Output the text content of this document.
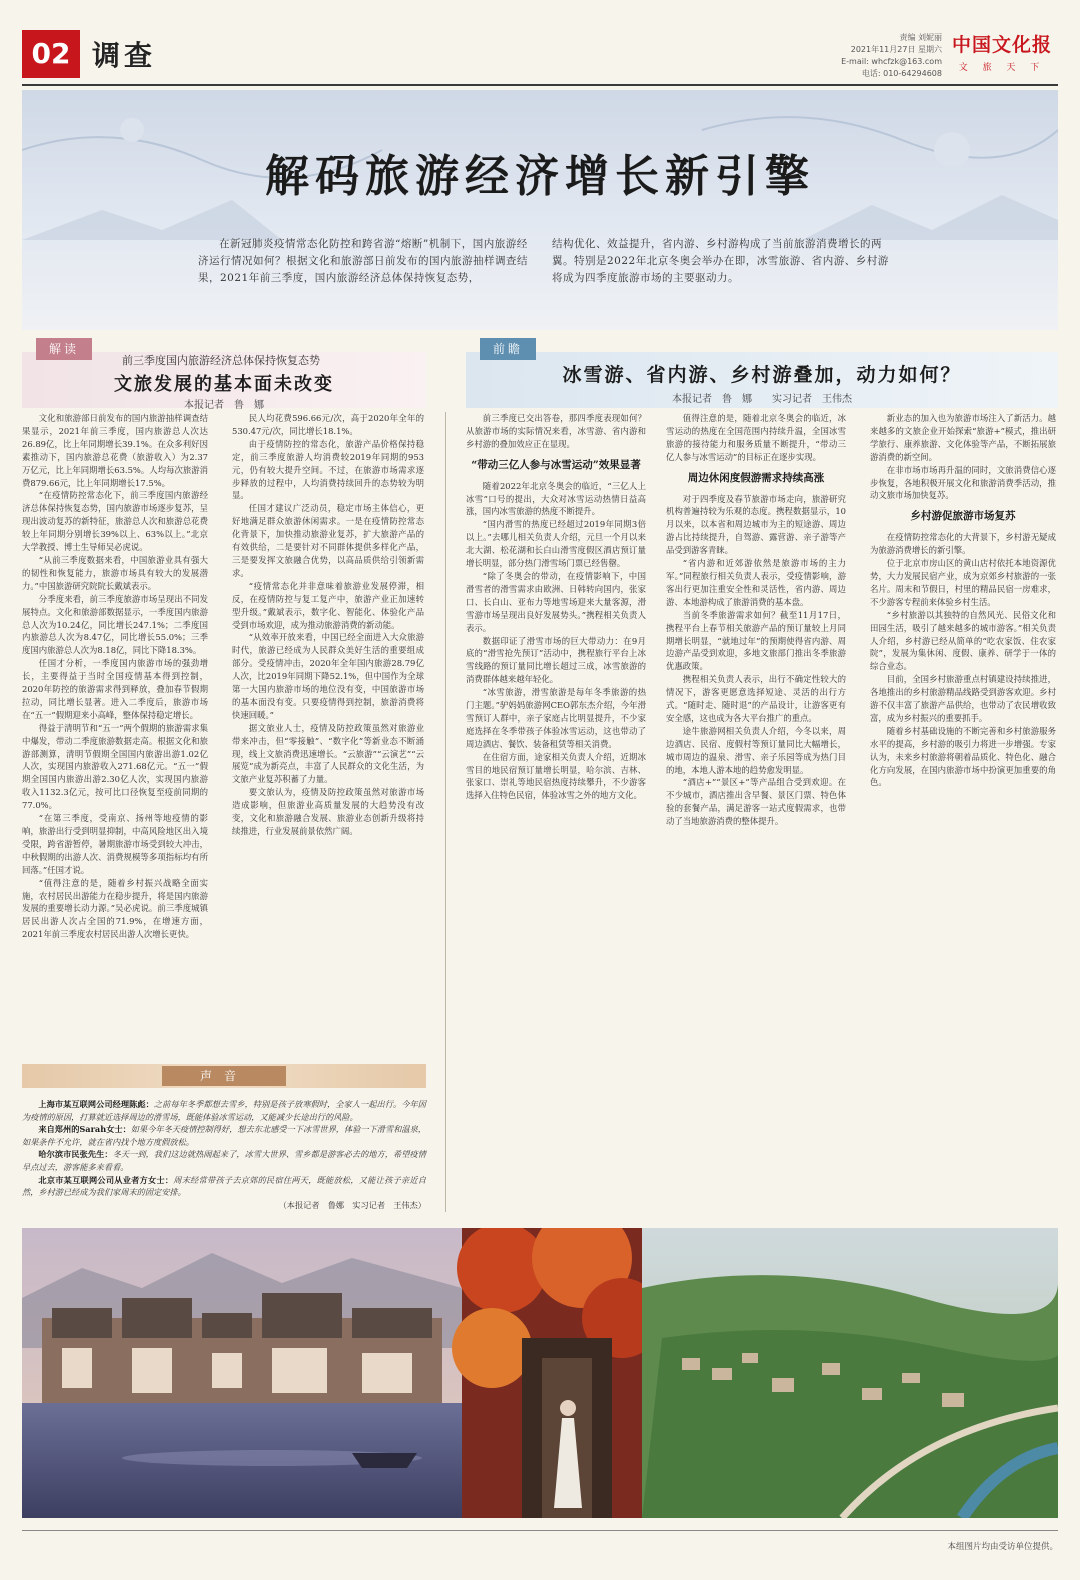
02 调查
责编 刘妮丽
2021年11月27日 星期六
E-mail: whcfzk@163.com
电话: 010-64294608
中国文化报
文 旅 天 下
解码旅游经济增长新引擎
在新冠肺炎疫情常态化防控和跨省游“熔断”机制下，国内旅游经济运行情况如何？根据文化和旅游部日前发布的国内旅游抽样调查结果，2021年前三季度，国内旅游经济总体保持恢复态势，
结构优化、效益提升，省内游、乡村游构成了当前旅游消费增长的两翼。特别是2022年北京冬奥会举办在即，冰雪旅游、省内游、乡村游将成为四季度旅游市场的主要驱动力。
解读
前三季度国内旅游经济总体保持恢复态势
文旅发展的基本面未改变
本报记者　鲁　娜
前瞻
冰雪游、省内游、乡村游叠加，动力如何？
本报记者　鲁　娜　　实习记者　王伟杰

文化和旅游部日前发布的国内旅游抽样调查结果显示，2021年前三季度，国内旅游总人次达26.89亿，比上年同期增长39.1%。在众多利好因素推动下，国内旅游总花费（旅游收入）为2.37万亿元，比上年同期增长63.5%。人均每次旅游消费879.66元，比上年同期增长17.5%。

“在疫情防控常态化下，前三季度国内旅游经济总体保持恢复态势，国内旅游市场逐步复苏，呈现出波动复苏的新特征，旅游总人次和旅游总花费较上年同期分别增长39%以上、63%以上。”北京大学教授、博士生导师吴必虎说。

“从前三季度数据来看，中国旅游业具有强大的韧性和恢复能力，旅游市场具有较大的发展潜力。”中国旅游研究院院长戴斌表示。

分季度来看，前三季度旅游市场呈现出不同发展特点。文化和旅游部数据显示，一季度国内旅游总人次为10.24亿，同比增长247.1%；二季度国内旅游总人次为8.47亿，同比增长55.0%；三季度国内旅游总人次为8.18亿，同比下降18.3%。

任国才分析，一季度国内旅游市场的强劲增长，主要得益于当时全国疫情基本得到控制，2020年防控的旅游需求得到释放，叠加春节假期拉动，同比增长显著。进入二季度后，旅游市场在“五一”假期迎来小高峰，整体保持稳定增长。

得益于清明节和“五一”两个假期的旅游需求集中爆发，带动二季度旅游数据走高。根据文化和旅游部测算，清明节假期全国国内旅游出游1.02亿人次，实现国内旅游收入271.68亿元。“五一”假期全国国内旅游出游2.30亿人次，实现国内旅游收入1132.3亿元，按可比口径恢复至疫前同期的77.0%。

“在第三季度，受南京、扬州等地疫情的影响，旅游出行受到明显抑制，中高风险地区出入境受限，跨省游暂停，暑期旅游市场受到较大冲击，中秋假期的出游人次、消费规模等多项指标均有所回落。”任国才说。

“值得注意的是，随着乡村振兴战略全面实施，农村居民出游能力在稳步提升，将是国内旅游发展的重要增长动力源。”吴必虎说。前三季度城镇居民出游人次占全国的71.9%，在增速方面，2021年前三季度农村居民出游人次增长更快。

民人均花费596.66元/次，高于2020年全年的530.47元/次，同比增长18.1%。

由于疫情防控的常态化，旅游产品价格保持稳定，前三季度旅游人均消费较2019年同期的953元，仍有较大提升空间。不过，在旅游市场需求逐步释放的过程中，人均消费持续回升的态势较为明显。

任国才建议广泛动员，稳定市场主体信心，更好地满足群众旅游休闲需求。一是在疫情防控常态化背景下，加快推动旅游业复苏，扩大旅游产品的有效供给，二是要针对不同群体提供多样化产品，三是要发挥文旅融合优势，以高品质供给引领新需求。

“疫情常态化并非意味着旅游业发展停滞，相反，在疫情防控与复工复产中，旅游产业正加速转型升级。”戴斌表示，数字化、智能化、体验化产品受到市场欢迎，成为推动旅游消费的新动能。

“从效率开放来看，中国已经全面进入大众旅游时代，旅游已经成为人民群众美好生活的重要组成部分。受疫情冲击，2020年全年国内旅游28.79亿人次，比2019年同期下降52.1%，但中国作为全球第一大国内旅游市场的地位没有变，中国旅游市场的基本面没有变。只要疫情得到控制，旅游消费将快速回暖。”

据文旅业人士，疫情及防控政策虽然对旅游业带来冲击，但“零接触”、“数字化”等新业态不断涌现，线上文旅消费迅速增长。“云旅游”“云演艺”“云展览”成为新亮点，丰富了人民群众的文化生活，为文旅产业复苏积蓄了力量。

要文旅认为，疫情及防控政策虽然对旅游市场造成影响，但旅游业高质量发展的大趋势没有改变，文化和旅游融合发展、旅游业态创新升级将持续推进，行业发展前景依然广阔。

前三季度已交出答卷，那四季度表现如何？从旅游市场的实际情况来看，冰雪游、省内游和乡村游的叠加效应正在显现。

“带动三亿人参与冰雪运动”效果显著

随着2022年北京冬奥会的临近，“三亿人上冰雪”口号的提出，大众对冰雪运动热情日益高涨，国内冰雪旅游的热度不断提升。

“国内滑雪的热度已经超过2019年同期3倍以上。”去哪儿相关负责人介绍，元旦一个月以来北大湖、松花湖和长白山滑雪度假区酒店预订量增长明显，部分热门滑雪场门票已经售罄。

“除了冬奥会的带动，在疫情影响下，中国滑雪者的滑雪需求由欧洲、日韩转向国内，张家口、长白山、亚布力等地雪场迎来大量客源，滑雪游市场呈现出良好发展势头。”携程相关负责人表示。

数据印证了滑雪市场的巨大带动力：在9月底的“滑雪抢先预订”活动中，携程旅行平台上冰雪线路的预订量同比增长超过三成，冰雪旅游的消费群体越来越年轻化。

“冰雪旅游，滑雪旅游是每年冬季旅游的热门主题。”驴妈妈旅游网CEO郭东杰介绍，今年滑雪预订人群中，亲子家庭占比明显提升，不少家庭选择在冬季带孩子体验冰雪运动，这也带动了周边酒店、餐饮、装备租赁等相关消费。

在住宿方面，途家相关负责人介绍，近期冰雪目的地民宿预订量增长明显，哈尔滨、吉林、张家口、崇礼等地民宿热度持续攀升，不少游客选择入住特色民宿，体验冰雪之外的地方文化。

值得注意的是，随着北京冬奥会的临近，冰雪运动的热度在全国范围内持续升温，全国冰雪旅游的接待能力和服务质量不断提升，“带动三亿人参与冰雪运动”的目标正在逐步实现。

周边休闲度假游需求持续高涨

对于四季度及春节旅游市场走向，旅游研究机构普遍持较为乐观的态度。携程数据显示，10月以来，以本省和周边城市为主的短途游、周边游占比持续提升，自驾游、露营游、亲子游等产品受到游客青睐。

“省内游和近郊游依然是旅游市场的主力军。”同程旅行相关负责人表示，受疫情影响，游客出行更加注重安全性和灵活性，省内游、周边游、本地游构成了旅游消费的基本盘。

当前冬季旅游需求如何？截至11月17日，携程平台上春节相关旅游产品的预订量较上月同期增长明显，“就地过年”的预期使得省内游、周边游产品受到欢迎，多地文旅部门推出冬季旅游优惠政策。

携程相关负责人表示，出行不确定性较大的情况下，游客更愿意选择短途、灵活的出行方式。“随时走、随时退”的产品设计，让游客更有安全感，这也成为各大平台推广的重点。

途牛旅游网相关负责人介绍，今冬以来，周边酒店、民宿、度假村等预订量同比大幅增长，城市周边的温泉、滑雪、亲子乐园等成为热门目的地，本地人游本地的趋势愈发明显。

“酒店+”“景区+”等产品组合受到欢迎。在不少城市，酒店推出含早餐、景区门票、特色体验的套餐产品，满足游客一站式度假需求，也带动了当地旅游消费的整体提升。

新业态的加入也为旅游市场注入了新活力。越来越多的文旅企业开始探索“旅游+”模式，推出研学旅行、康养旅游、文化体验等产品，不断拓展旅游消费的新空间。

在非市场市场再升温的同时，文旅消费信心逐步恢复，各地积极开展文化和旅游消费季活动，推动文旅市场加快复苏。

乡村游促旅游市场复苏

在疫情防控常态化的大背景下，乡村游无疑成为旅游消费增长的新引擎。

位于北京市房山区的黄山店村依托本地资源优势，大力发展民宿产业，成为京郊乡村旅游的一张名片。周末和节假日，村里的精品民宿一房难求，不少游客专程前来体验乡村生活。

“乡村旅游以其独特的自然风光、民俗文化和田园生活，吸引了越来越多的城市游客。”相关负责人介绍，乡村游已经从简单的“吃农家饭、住农家院”，发展为集休闲、度假、康养、研学于一体的综合业态。

目前，全国乡村旅游重点村镇建设持续推进，各地推出的乡村旅游精品线路受到游客欢迎。乡村游不仅丰富了旅游产品供给，也带动了农民增收致富，成为乡村振兴的重要抓手。

随着乡村基础设施的不断完善和乡村旅游服务水平的提高，乡村游的吸引力将进一步增强。专家认为，未来乡村旅游将朝着品质化、特色化、融合化方向发展，在国内旅游市场中扮演更加重要的角色。

声音

上海市某互联网公司经理陈彪：之前每年冬季都想去雪乡，特别是孩子放寒假时，全家人一起出行。今年因为疫情的原因，打算就近选择周边的滑雪场，既能体验冰雪运动，又能减少长途出行的风险。

来自郑州的Sarah女士：如果今年冬天疫情控制得好，想去东北感受一下冰雪世界，体验一下滑雪和温泉，如果条件不允许，就在省内找个地方度假放松。

哈尔滨市民张先生：冬天一到，我们这边就热闹起来了，冰雪大世界、雪乡都是游客必去的地方，希望疫情早点过去，游客能多来看看。

北京市某互联网公司从业者方女士：周末经常带孩子去京郊的民宿住两天，既能放松，又能让孩子亲近自然，乡村游已经成为我们家周末的固定安排。

（本报记者　鲁娜　实习记者　王伟杰）

本组图片均由受访单位提供。
